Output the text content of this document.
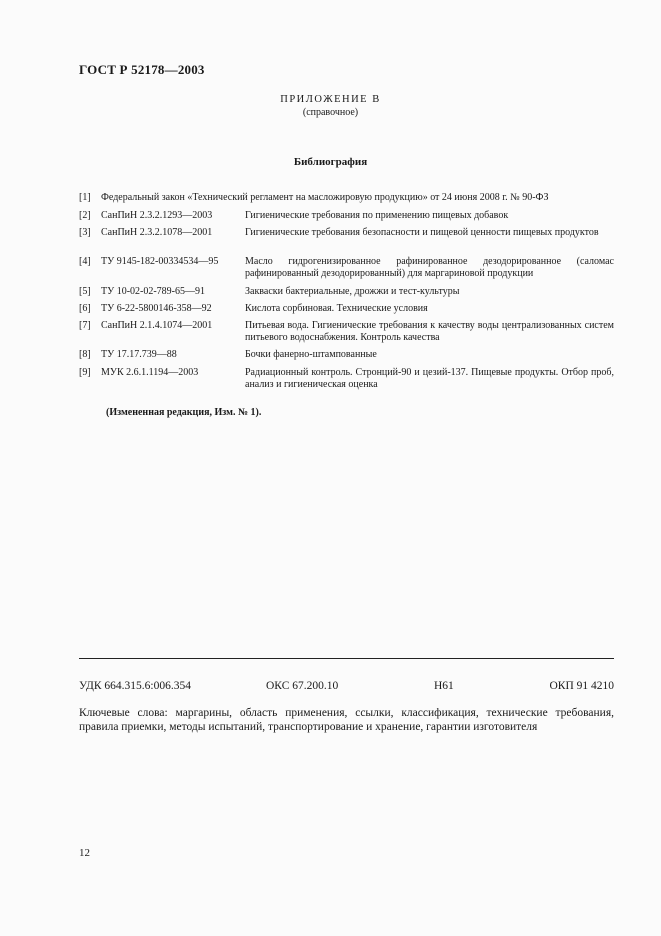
ГОСТ Р 52178—2003
ПРИЛОЖЕНИЕ В
(справочное)
Библиография
[1]	Федеральный закон «Технический регламент на масложировую продукцию» от 24 июня 2008 г. № 90-ФЗ
[2]	СанПиН 2.3.2.1293—2003	Гигиенические требования по применению пищевых добавок
[3]	СанПиН 2.3.2.1078—2001	Гигиенические требования безопасности и пищевой ценности пищевых продуктов
[4]	ТУ 9145-182-00334534—95	Масло гидрогенизированное рафинированное дезодорированное (саломас рафинированный дезодорированный) для маргариновой продукции
[5]	ТУ 10-02-02-789-65—91	Закваски бактериальные, дрожжи и тест-культуры
[6]	ТУ 6-22-5800146-358—92	Кислота сорбиновая. Технические условия
[7]	СанПиН 2.1.4.1074—2001	Питьевая вода. Гигиенические требования к качеству воды централизованных систем питьевого водоснабжения. Контроль качества
[8]	ТУ 17.17.739—88	Бочки фанерно-штампованные
[9]	МУК 2.6.1.1194—2003	Радиационный контроль. Стронций-90 и цезий-137. Пищевые продукты. Отбор проб, анализ и гигиеническая оценка
(Измененная редакция, Изм. № 1).
УДК 664.315.6:006.354	ОКС 67.200.10	Н61	ОКП 91 4210
Ключевые слова: маргарины, область применения, ссылки, классификация, технические требования, правила приемки, методы испытаний, транспортирование и хранение, гарантии изготовителя
12
